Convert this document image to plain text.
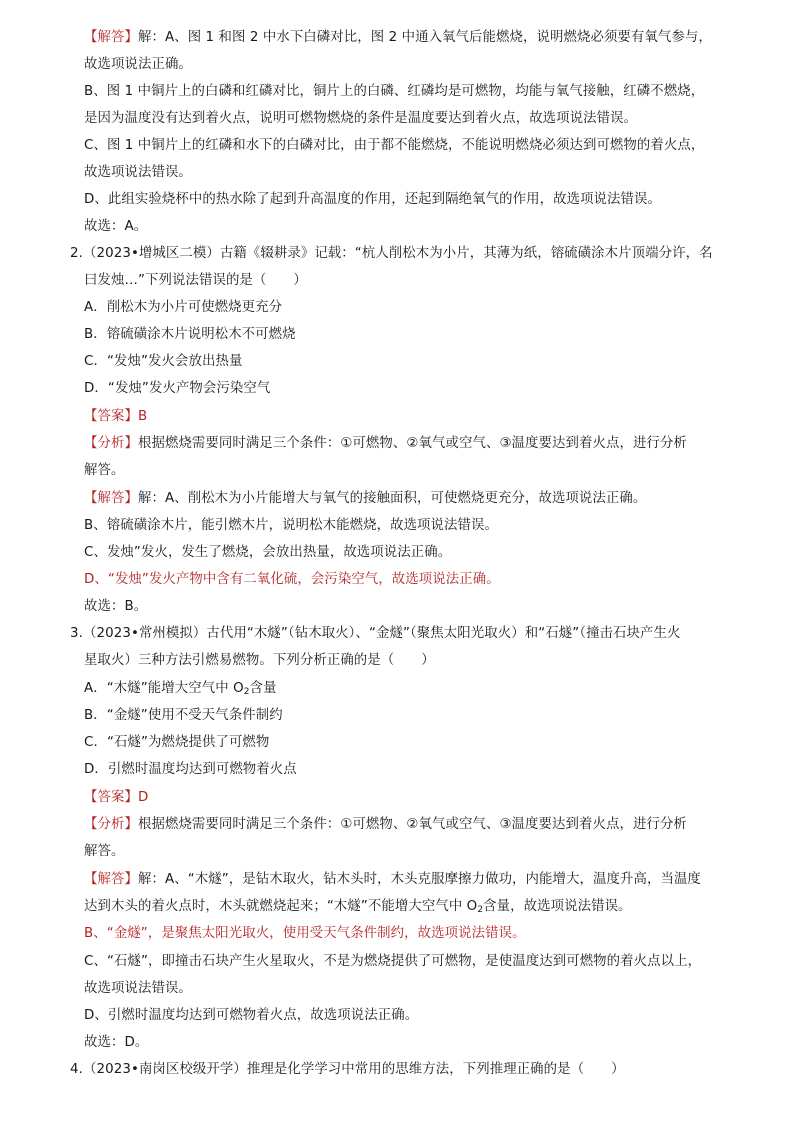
【解答】解：A、图 1 和图 2 中水下白磷对比，图 2 中通入氧气后能燃烧，说明燃烧必须要有氧气参与，
故选项说法正确。
B、图 1 中铜片上的白磷和红磷对比，铜片上的白磷、红磷均是可燃物，均能与氧气接触，红磷不燃烧，
是因为温度没有达到着火点，说明可燃物燃烧的条件是温度要达到着火点，故选项说法错误。
C、图 1 中铜片上的红磷和水下的白磷对比，由于都不能燃烧，不能说明燃烧必须达到可燃物的着火点，
故选项说法错误。
D、此组实验烧杯中的热水除了起到升高温度的作用，还起到隔绝氧气的作用，故选项说法错误。
故选：A。
2.（2023•增城区二模）古籍《辍耕录》记载：“杭人削松木为小片，其薄为纸，镕硫磺涂木片顶端分许，名
曰发烛…”下列说法错误的是（　　）
A．削松木为小片可使燃烧更充分
B．镕硫磺涂木片说明松木不可燃烧
C．“发烛”发火会放出热量
D．“发烛”发火产物会污染空气
【答案】B
【分析】根据燃烧需要同时满足三个条件：①可燃物、②氧气或空气、③温度要达到着火点，进行分析
解答。
【解答】解：A、削松木为小片能增大与氧气的接触面积，可使燃烧更充分，故选项说法正确。
B、镕硫磺涂木片，能引燃木片，说明松木能燃烧，故选项说法错误。
C、发烛”发火，发生了燃烧，会放出热量，故选项说法正确。
D、“发烛”发火产物中含有二氧化硫，会污染空气，故选项说法正确。
故选：B。
3.（2023•常州模拟）古代用“木燧”（钻木取火）、“金燧”（聚焦太阳光取火）和“石燧”（撞击石块产生火
星取火）三种方法引燃易燃物。下列分析正确的是（　　）
A．“木燧”能增大空气中 $O_2$含量
B．“金燧”使用不受天气条件制约
C．“石燧”为燃烧提供了可燃物
D．引燃时温度均达到可燃物着火点
【答案】D
【分析】根据燃烧需要同时满足三个条件：①可燃物、②氧气或空气、③温度要达到着火点，进行分析
解答。
【解答】解：A、“木燧”，是钻木取火，钻木头时，木头克服摩擦力做功，内能增大，温度升高，当温度
达到木头的着火点时，木头就燃烧起来；“木燧”不能增大空气中 $O_2$含量，故选项说法错误。
B、“金燧”，是聚焦太阳光取火，使用受天气条件制约，故选项说法错误。
C、“石燧”，即撞击石块产生火星取火，不是为燃烧提供了可燃物，是使温度达到可燃物的着火点以上，
故选项说法错误。
D、引燃时温度均达到可燃物着火点，故选项说法正确。
故选：D。
4.（2023•南岗区校级开学）推理是化学学习中常用的思维方法，下列推理正确的是（　　）
